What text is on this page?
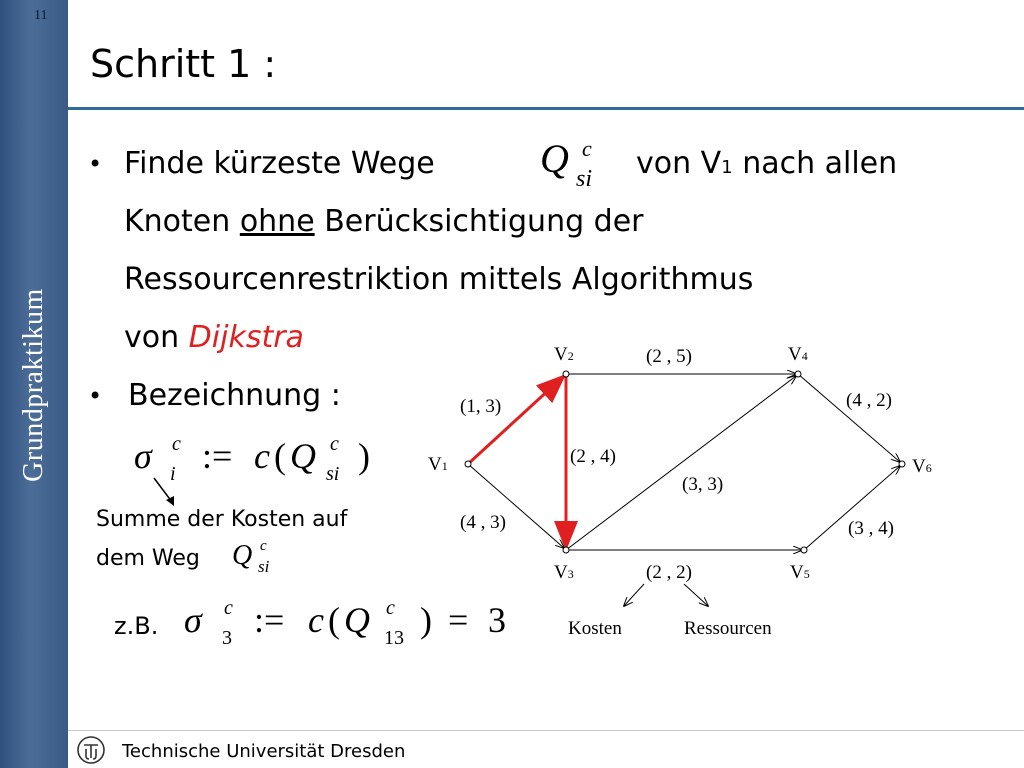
11
Grundpraktikum
Schritt 1 :
• Finde kürzeste Wege	Q c
si von V1 nach allen
Knoten ohne Berücksichtigung der
Ressourcenrestriktion mittels Algorithmus
von Dijkstra
• Bezeichnung :
σ c
i := c ( Q c
si )
Summe der Kosten auf
dem Weg Q c
si
z.B. σ c
3 := c ( Q c
13 ) = 3
V1
V2
V3
V4
V5
V6
(1, 3)
(4 , 3)
(2 , 5)
(2 , 4)
(3, 3)
(2 , 2)
(4 , 2)
(3 , 4)
Kosten	Ressourcen
Technische Universität Dresden
